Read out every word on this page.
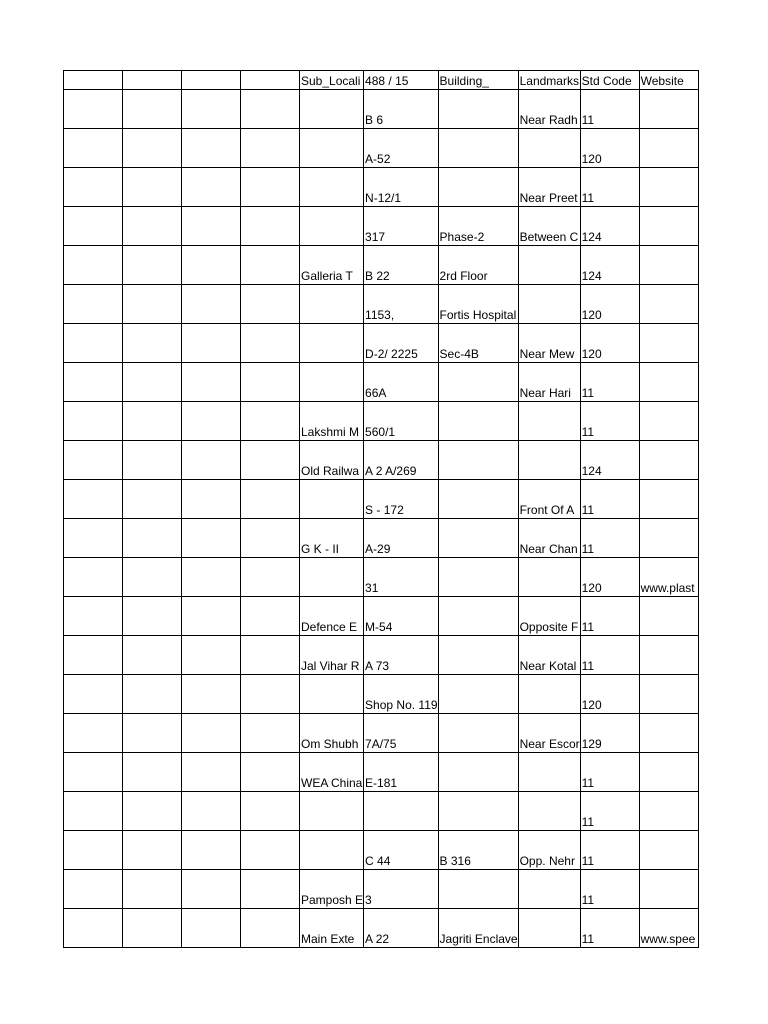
				Sub_Locali	488 / 15	Building_	Landmarks	Std Code	Website
					B 6		Near Radh	11	
					A-52			120	
					N-12/1		Near Preet	11	
					317	Phase-2	Between C	124	
				Galleria T	B 22	2rd Floor		124	
					1153,	Fortis Hospital		120	
					D-2/ 2225	Sec-4B	Near Mew	120	
					66A		Near Hari	11	
				Lakshmi M	560/1			11	
				Old Railwa	A 2 A/269			124	
					S - 172		Front Of A	11	
				G K - II	A-29		Near Chan	11	
					31			120	www.plast
				Defence E	M-54		Opposite F	11	
				Jal Vihar R	A 73		Near Kotal	11	
					Shop No. 119			120	
				Om Shubh	7A/75		Near Escor	129	
				WEA China	E-181			11	
								11	
					C 44	B 316	Opp. Nehr	11	
				Pamposh E	3			11	
				Main Exte	A 22	Jagriti Enclave		11	www.spee
